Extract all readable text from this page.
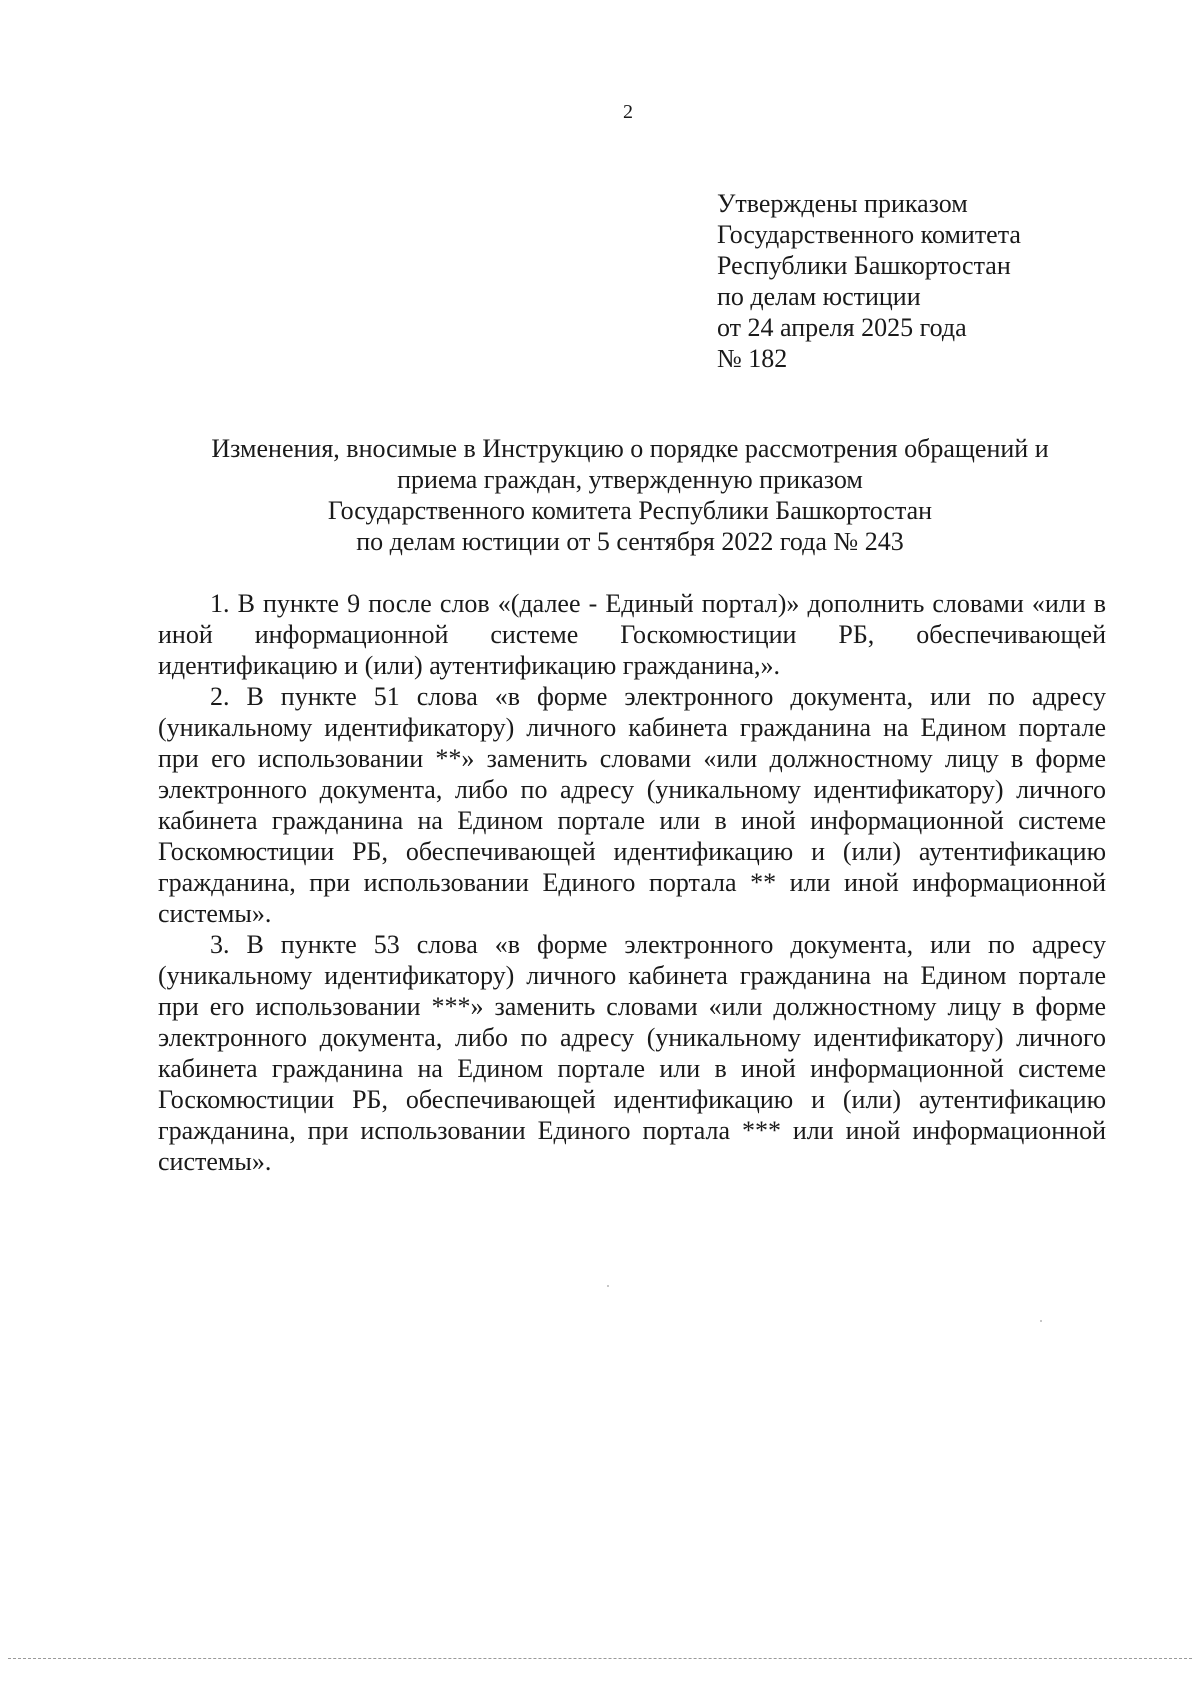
2
Утверждены приказом
Государственного комитета
Республики Башкортостан
по делам юстиции
от 24 апреля 2025 года
№ 182
Изменения, вносимые в Инструкцию о порядке рассмотрения обращений и
приема граждан, утвержденную приказом
Государственного комитета Республики Башкортостан
по делам юстиции от 5 сентября 2022 года № 243

1. В пункте 9 после слов «(далее - Единый портал)» дополнить словами «или в иной информационной системе Госкомюстиции РБ, обеспечивающей идентификацию и (или) аутентификацию гражданина,».

2. В пункте 51 слова «в форме электронного документа, или по адресу (уникальному идентификатору) личного кабинета гражданина на Едином портале при его использовании **» заменить словами «или должностному лицу в форме электронного документа, либо по адресу (уникальному идентификатору) личного кабинета гражданина на Едином портале или в иной информационной системе Госкомюстиции РБ, обеспечивающей идентификацию и (или) аутентификацию гражданина, при использовании Единого портала ** или иной информационной системы».

3. В пункте 53 слова «в форме электронного документа, или по адресу (уникальному идентификатору) личного кабинета гражданина на Едином портале при его использовании ***» заменить словами «или должностному лицу в форме электронного документа, либо по адресу (уникальному идентификатору) личного кабинета гражданина на Едином портале или в иной информационной системе Госкомюстиции РБ, обеспечивающей идентификацию и (или) аутентификацию гражданина, при использовании Единого портала *** или иной информационной системы».
